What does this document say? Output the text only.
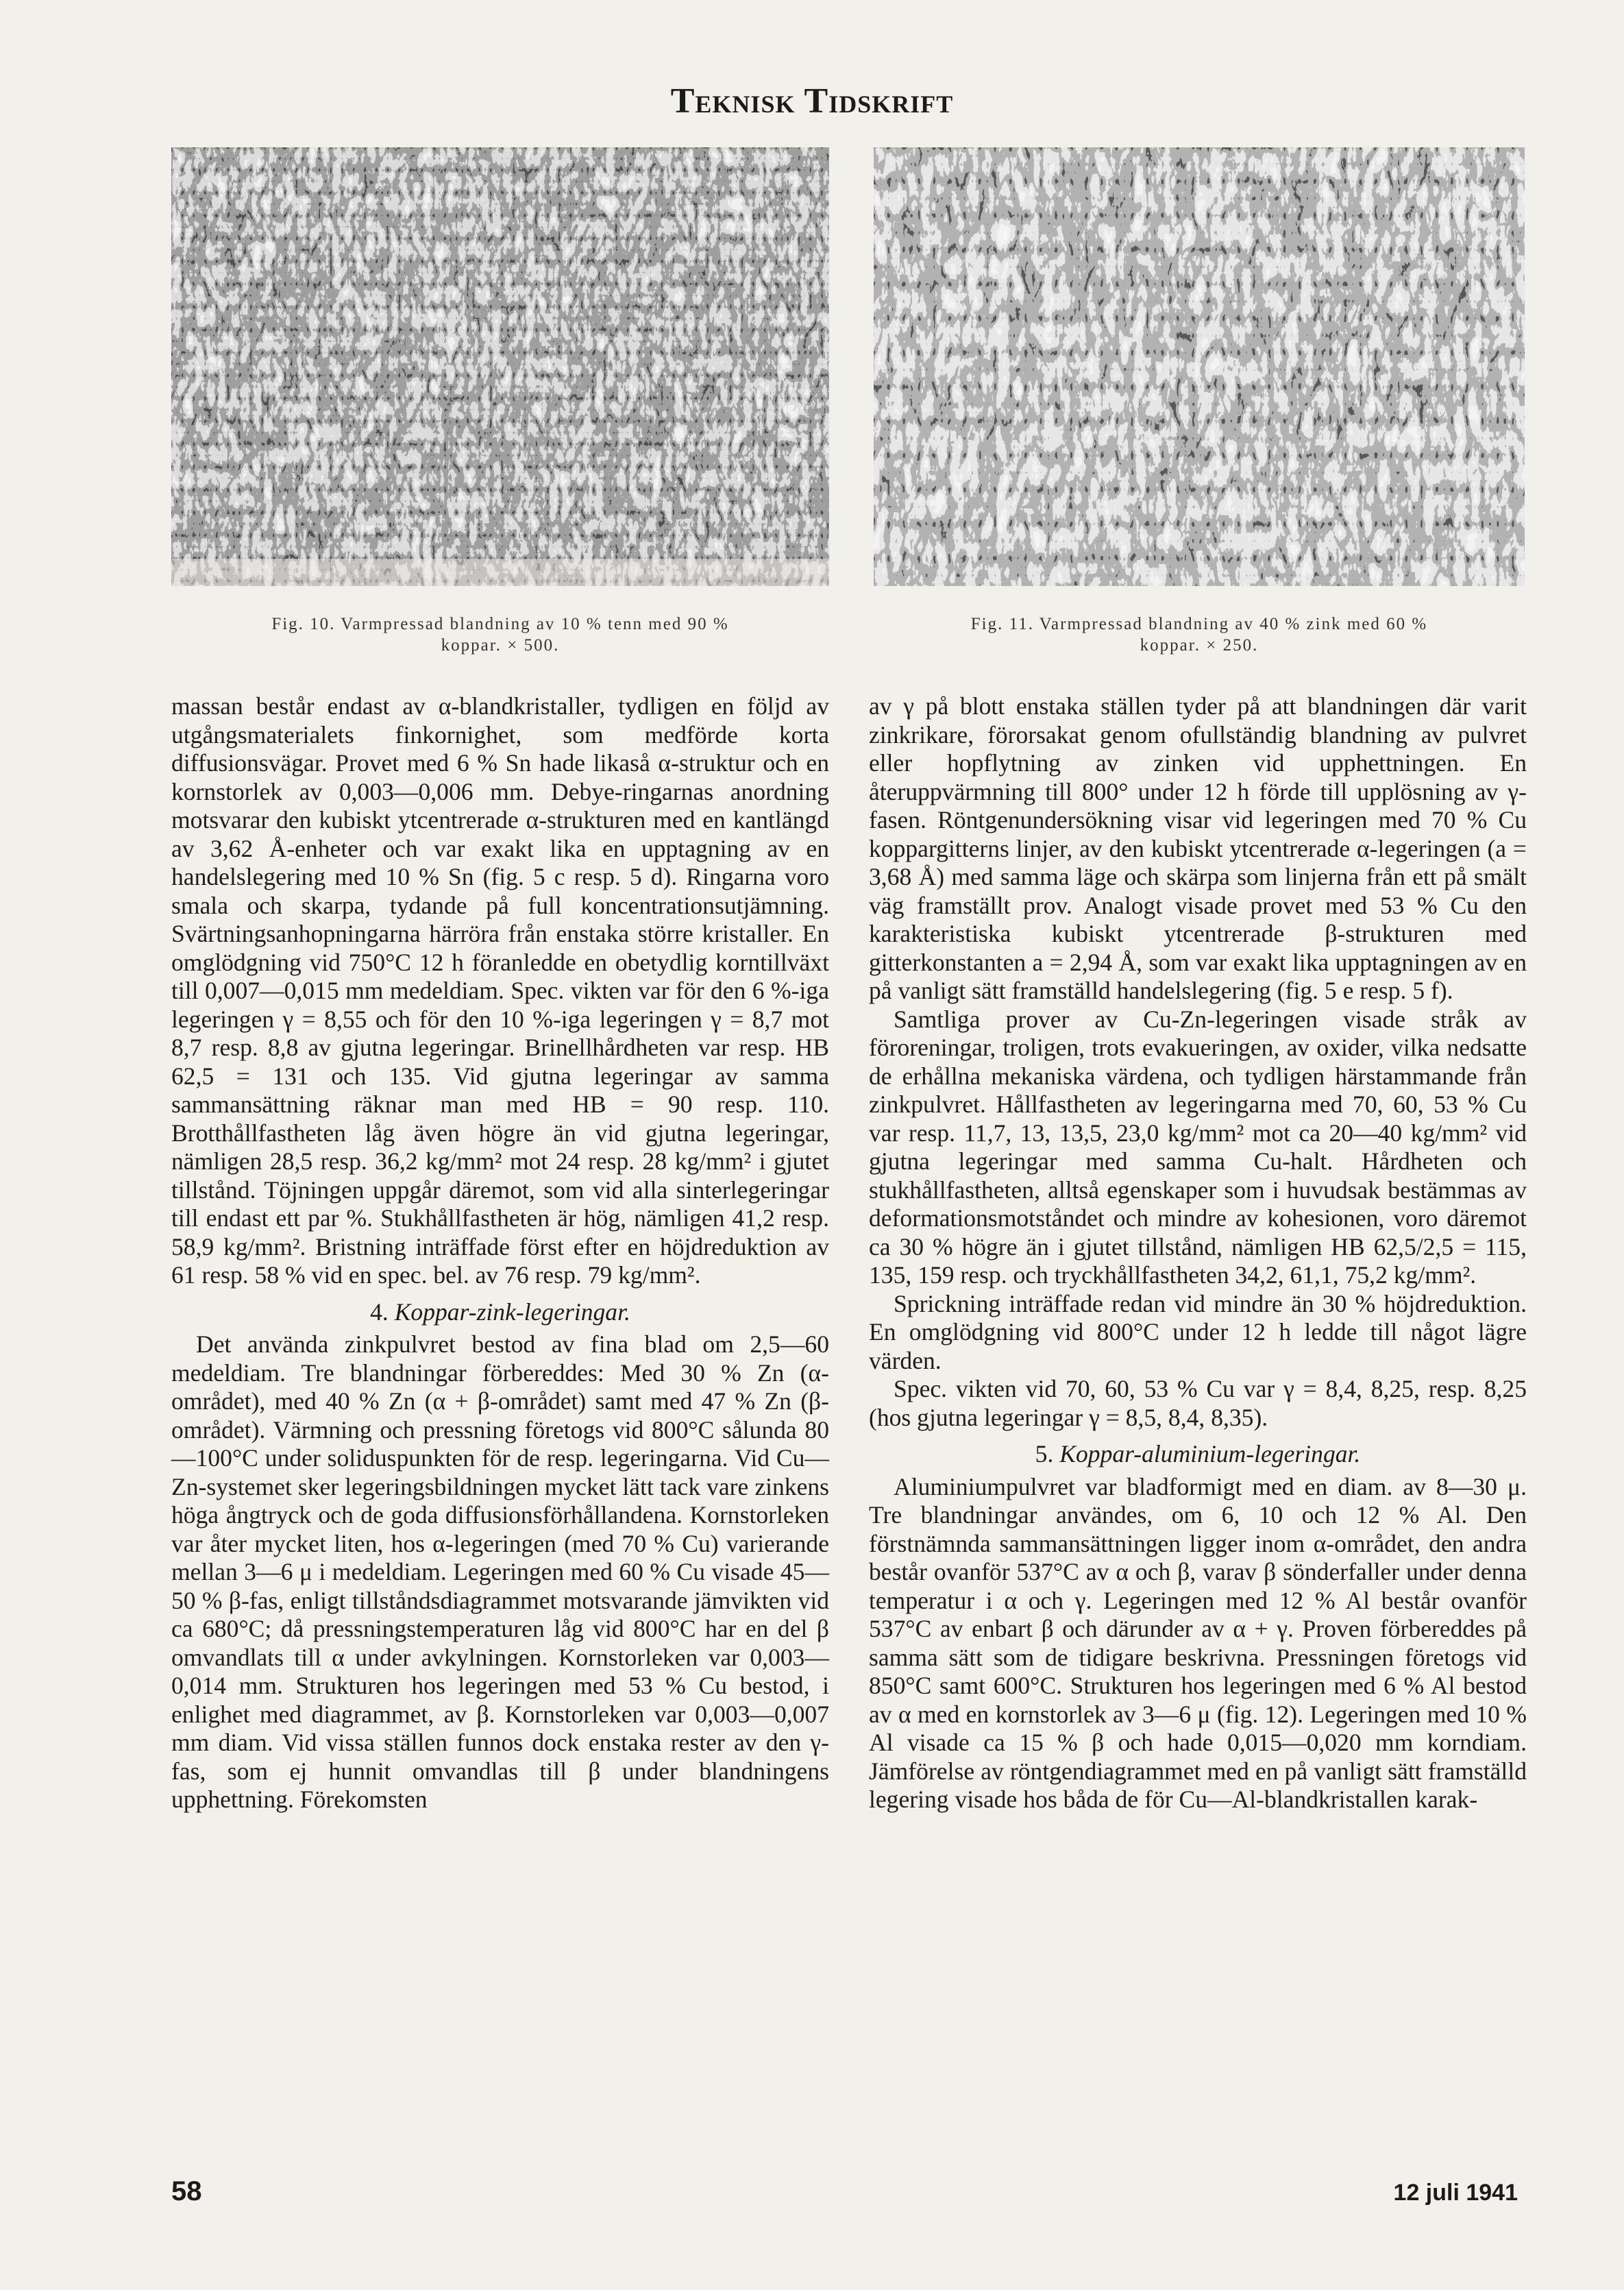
Teknisk Tidskrift
Fig. 10. Varmpressad blandning av 10 % tenn med 90 %
koppar. × 500.
Fig. 11. Varmpressad blandning av 40 % zink med 60 %
koppar. × 250.

massan består endast av α-blandkristaller, tydligen en följd av utgångsmaterialets finkornighet, som medförde korta diffusionsvägar. Provet med 6 % Sn hade likaså α-struktur och en kornstorlek av 0,003—0,006 mm. Debye-ringarnas anordning motsvarar den kubiskt ytcentrerade α-strukturen med en kantlängd av 3,62 Å-enheter och var exakt lika en upptagning av en handelslegering med 10 % Sn (fig. 5 c resp. 5 d). Ringarna voro smala och skarpa, tydande på full koncentrationsutjämning. Svärtningsanhopningarna härröra från enstaka större kristaller. En omglödgning vid 750°C 12 h föranledde en obetydlig korntillväxt till 0,007—0,015 mm medeldiam. Spec. vikten var för den 6 %-iga legeringen γ = 8,55 och för den 10 %-iga legeringen γ = 8,7 mot 8,7 resp. 8,8 av gjutna legeringar. Brinellhårdheten var resp. HB 62,5 = 131 och 135. Vid gjutna legeringar av samma sammansättning räknar man med HB = 90 resp. 110. Brotthållfastheten låg även högre än vid gjutna legeringar, nämligen 28,5 resp. 36,2 kg/mm² mot 24 resp. 28 kg/mm² i gjutet tillstånd. Töjningen uppgår däremot, som vid alla sinterlegeringar till endast ett par %. Stukhållfastheten är hög, nämligen 41,2 resp. 58,9 kg/mm². Bristning inträffade först efter en höjdreduktion av 61 resp. 58 % vid en spec. bel. av 76 resp. 79 kg/mm².

4. Koppar-zink-legeringar.

Det använda zinkpulvret bestod av fina blad om 2,5—60 medeldiam. Tre blandningar förbereddes: Med 30 % Zn (α-området), med 40 % Zn (α + β-området) samt med 47 % Zn (β-området). Värmning och pressning företogs vid 800°C sålunda 80—100°C under soliduspunkten för de resp. legeringarna. Vid Cu—Zn-systemet sker legeringsbildningen mycket lätt tack vare zinkens höga ångtryck och de goda diffusionsförhållandena. Kornstorleken var åter mycket liten, hos α-legeringen (med 70 % Cu) varierande mellan 3—6 μ i medeldiam. Legeringen med 60 % Cu visade 45—50 % β-fas, enligt tillståndsdiagrammet motsvarande jämvikten vid ca 680°C; då pressningstemperaturen låg vid 800°C har en del β omvandlats till α under avkylningen. Kornstorleken var 0,003—0,014 mm. Strukturen hos legeringen med 53 % Cu bestod, i enlighet med diagrammet, av β. Kornstorleken var 0,003—0,007 mm diam. Vid vissa ställen funnos dock enstaka rester av den γ-fas, som ej hunnit omvandlas till β under blandningens upphettning. Förekomsten

av γ på blott enstaka ställen tyder på att blandningen där varit zinkrikare, förorsakat genom ofullständig blandning av pulvret eller hopflytning av zinken vid upphettningen. En återuppvärmning till 800° under 12 h förde till upplösning av γ-fasen. Röntgenundersökning visar vid legeringen med 70 % Cu koppargitterns linjer, av den kubiskt ytcentrerade α-legeringen (a = 3,68 Å) med samma läge och skärpa som linjerna från ett på smält väg framställt prov. Analogt visade provet med 53 % Cu den karakteristiska kubiskt ytcentrerade β-strukturen med gitterkonstanten a = 2,94 Å, som var exakt lika upptagningen av en på vanligt sätt framställd handelslegering (fig. 5 e resp. 5 f).

Samtliga prover av Cu-Zn-legeringen visade stråk av föroreningar, troligen, trots evakueringen, av oxider, vilka nedsatte de erhållna mekaniska värdena, och tydligen härstammande från zinkpulvret. Hållfastheten av legeringarna med 70, 60, 53 % Cu var resp. 11,7, 13, 13,5, 23,0 kg/mm² mot ca 20—40 kg/mm² vid gjutna legeringar med samma Cu-halt. Hårdheten och stukhållfastheten, alltså egenskaper som i huvudsak bestämmas av deformationsmotståndet och mindre av kohesionen, voro däremot ca 30 % högre än i gjutet tillstånd, nämligen HB 62,5/2,5 = 115, 135, 159 resp. och tryckhållfastheten 34,2, 61,1, 75,2 kg/mm².

Sprickning inträffade redan vid mindre än 30 % höjdreduktion. En omglödgning vid 800°C under 12 h ledde till något lägre värden.

Spec. vikten vid 70, 60, 53 % Cu var γ = 8,4, 8,25, resp. 8,25 (hos gjutna legeringar γ = 8,5, 8,4, 8,35).

5. Koppar-aluminium-legeringar.

Aluminiumpulvret var bladformigt med en diam. av 8—30 μ. Tre blandningar användes, om 6, 10 och 12 % Al. Den förstnämnda sammansättningen ligger inom α-området, den andra består ovanför 537°C av α och β, varav β sönderfaller under denna temperatur i α och γ. Legeringen med 12 % Al består ovanför 537°C av enbart β och därunder av α + γ. Proven förbereddes på samma sätt som de tidigare beskrivna. Pressningen företogs vid 850°C samt 600°C. Strukturen hos legeringen med 6 % Al bestod av α med en kornstorlek av 3—6 μ (fig. 12). Legeringen med 10 % Al visade ca 15 % β och hade 0,015—0,020 mm korndiam. Jämförelse av röntgendiagrammet med en på vanligt sätt framställd legering visade hos båda de för Cu—Al-blandkristallen karak-

58	12 juli 1941
